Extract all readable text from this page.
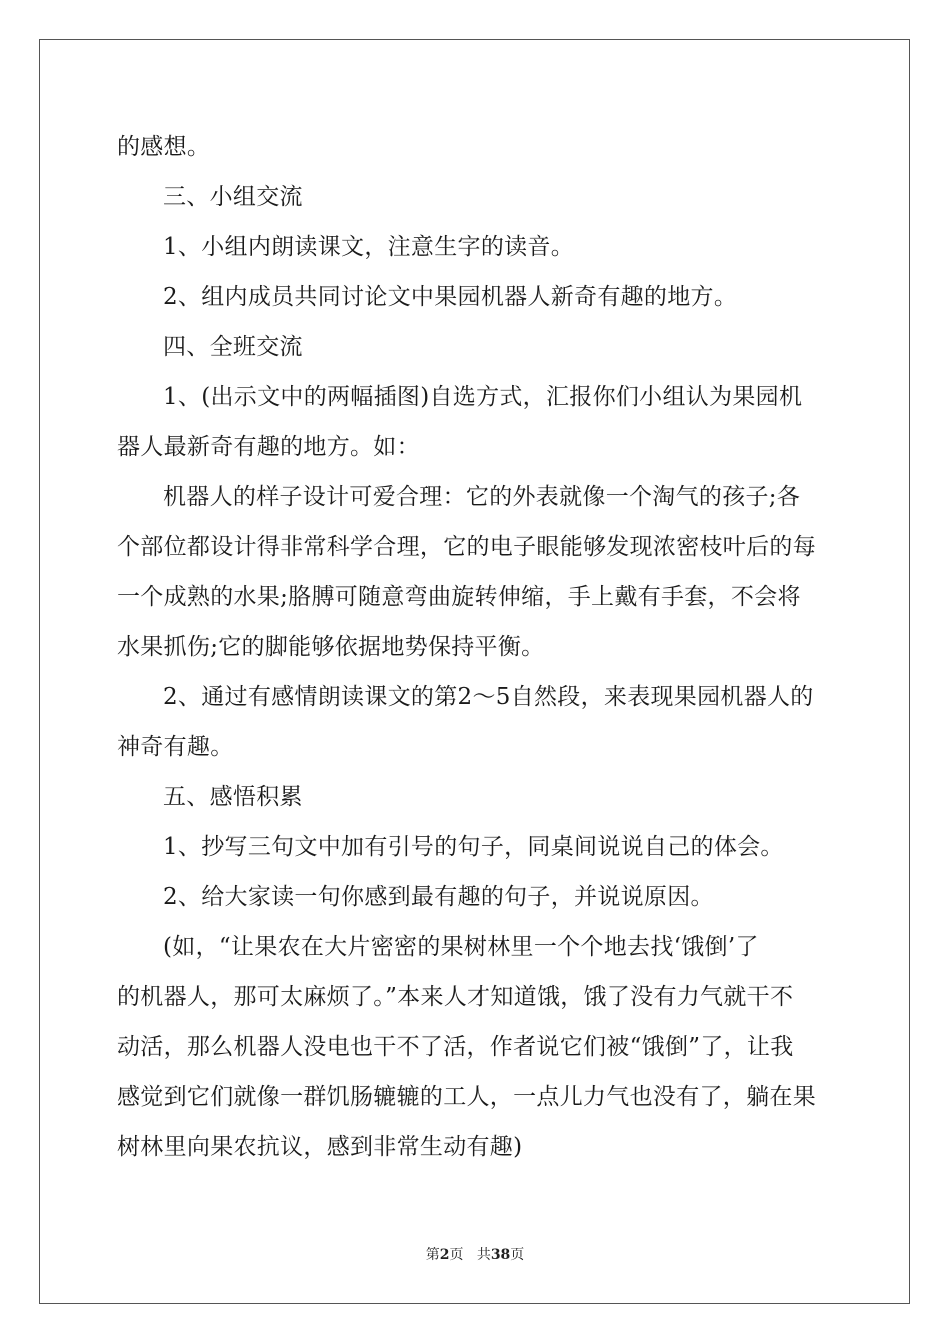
的感想。
三、小组交流
1、小组内朗读课文，注意生字的读音。
2、组内成员共同讨论文中果园机器人新奇有趣的地方。
四、全班交流
1、(出示文中的两幅插图)自选方式，汇报你们小组认为果园机
器人最新奇有趣的地方。如：
机器人的样子设计可爱合理：它的外表就像一个淘气的孩子;各
个部位都设计得非常科学合理，它的电子眼能够发现浓密枝叶后的每
一个成熟的水果;胳膊可随意弯曲旋转伸缩，手上戴有手套，不会将
水果抓伤;它的脚能够依据地势保持平衡。
2、通过有感情朗读课文的第2～5自然段，来表现果园机器人的
神奇有趣。
五、感悟积累
1、抄写三句文中加有引号的句子，同桌间说说自己的体会。
2、给大家读一句你感到最有趣的句子，并说说原因。
(如，“让果农在大片密密的果树林里一个个地去找‘饿倒’了
的机器人，那可太麻烦了。”本来人才知道饿，饿了没有力气就干不
动活，那么机器人没电也干不了活，作者说它们被“饿倒”了，让我
感觉到它们就像一群饥肠辘辘的工人，一点儿力气也没有了，躺在果
树林里向果农抗议，感到非常生动有趣)
第2页 共38页
